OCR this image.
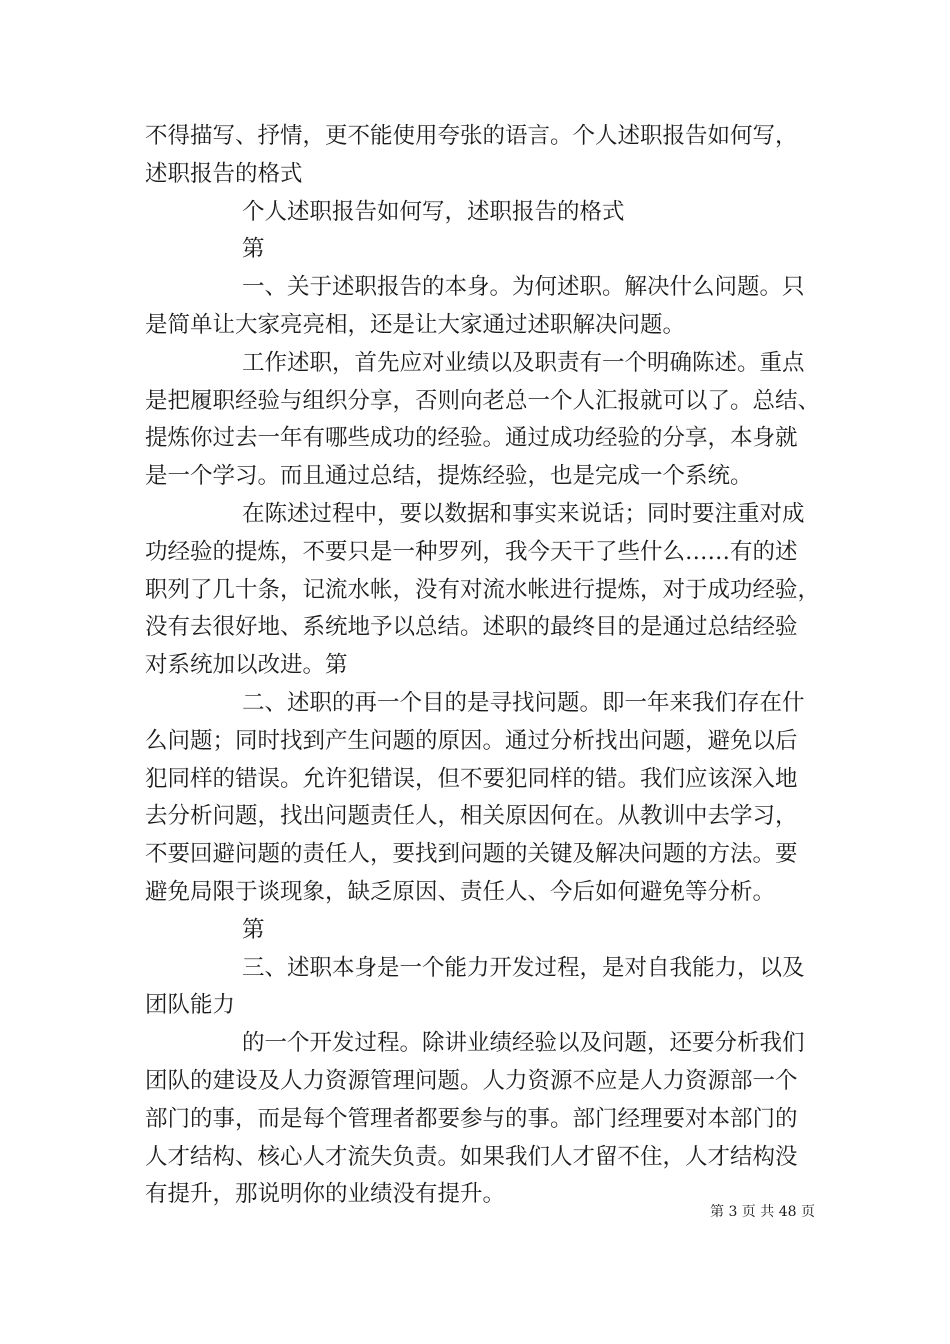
不得描写、抒情，更不能使用夸张的语言。个人述职报告如何写，
述职报告的格式
个人述职报告如何写，述职报告的格式
第
一、关于述职报告的本身。为何述职。解决什么问题。只
是简单让大家亮亮相，还是让大家通过述职解决问题。
工作述职，首先应对业绩以及职责有一个明确陈述。重点
是把履职经验与组织分享，否则向老总一个人汇报就可以了。总结、
提炼你过去一年有哪些成功的经验。通过成功经验的分享，本身就
是一个学习。而且通过总结，提炼经验，也是完成一个系统。
在陈述过程中，要以数据和事实来说话；同时要注重对成
功经验的提炼，不要只是一种罗列，我今天干了些什么……有的述
职列了几十条，记流水帐，没有对流水帐进行提炼，对于成功经验，
没有去很好地、系统地予以总结。述职的最终目的是通过总结经验
对系统加以改进。第
二、述职的再一个目的是寻找问题。即一年来我们存在什
么问题；同时找到产生问题的原因。通过分析找出问题，避免以后
犯同样的错误。允许犯错误，但不要犯同样的错。我们应该深入地
去分析问题，找出问题责任人，相关原因何在。从教训中去学习，
不要回避问题的责任人，要找到问题的关键及解决问题的方法。要
避免局限于谈现象，缺乏原因、责任人、今后如何避免等分析。
第
三、述职本身是一个能力开发过程，是对自我能力，以及
团队能力
的一个开发过程。除讲业绩经验以及问题，还要分析我们
团队的建设及人力资源管理问题。人力资源不应是人力资源部一个
部门的事，而是每个管理者都要参与的事。部门经理要对本部门的
人才结构、核心人才流失负责。如果我们人才留不住，人才结构没
有提升，那说明你的业绩没有提升。
第 3 页 共 48 页
